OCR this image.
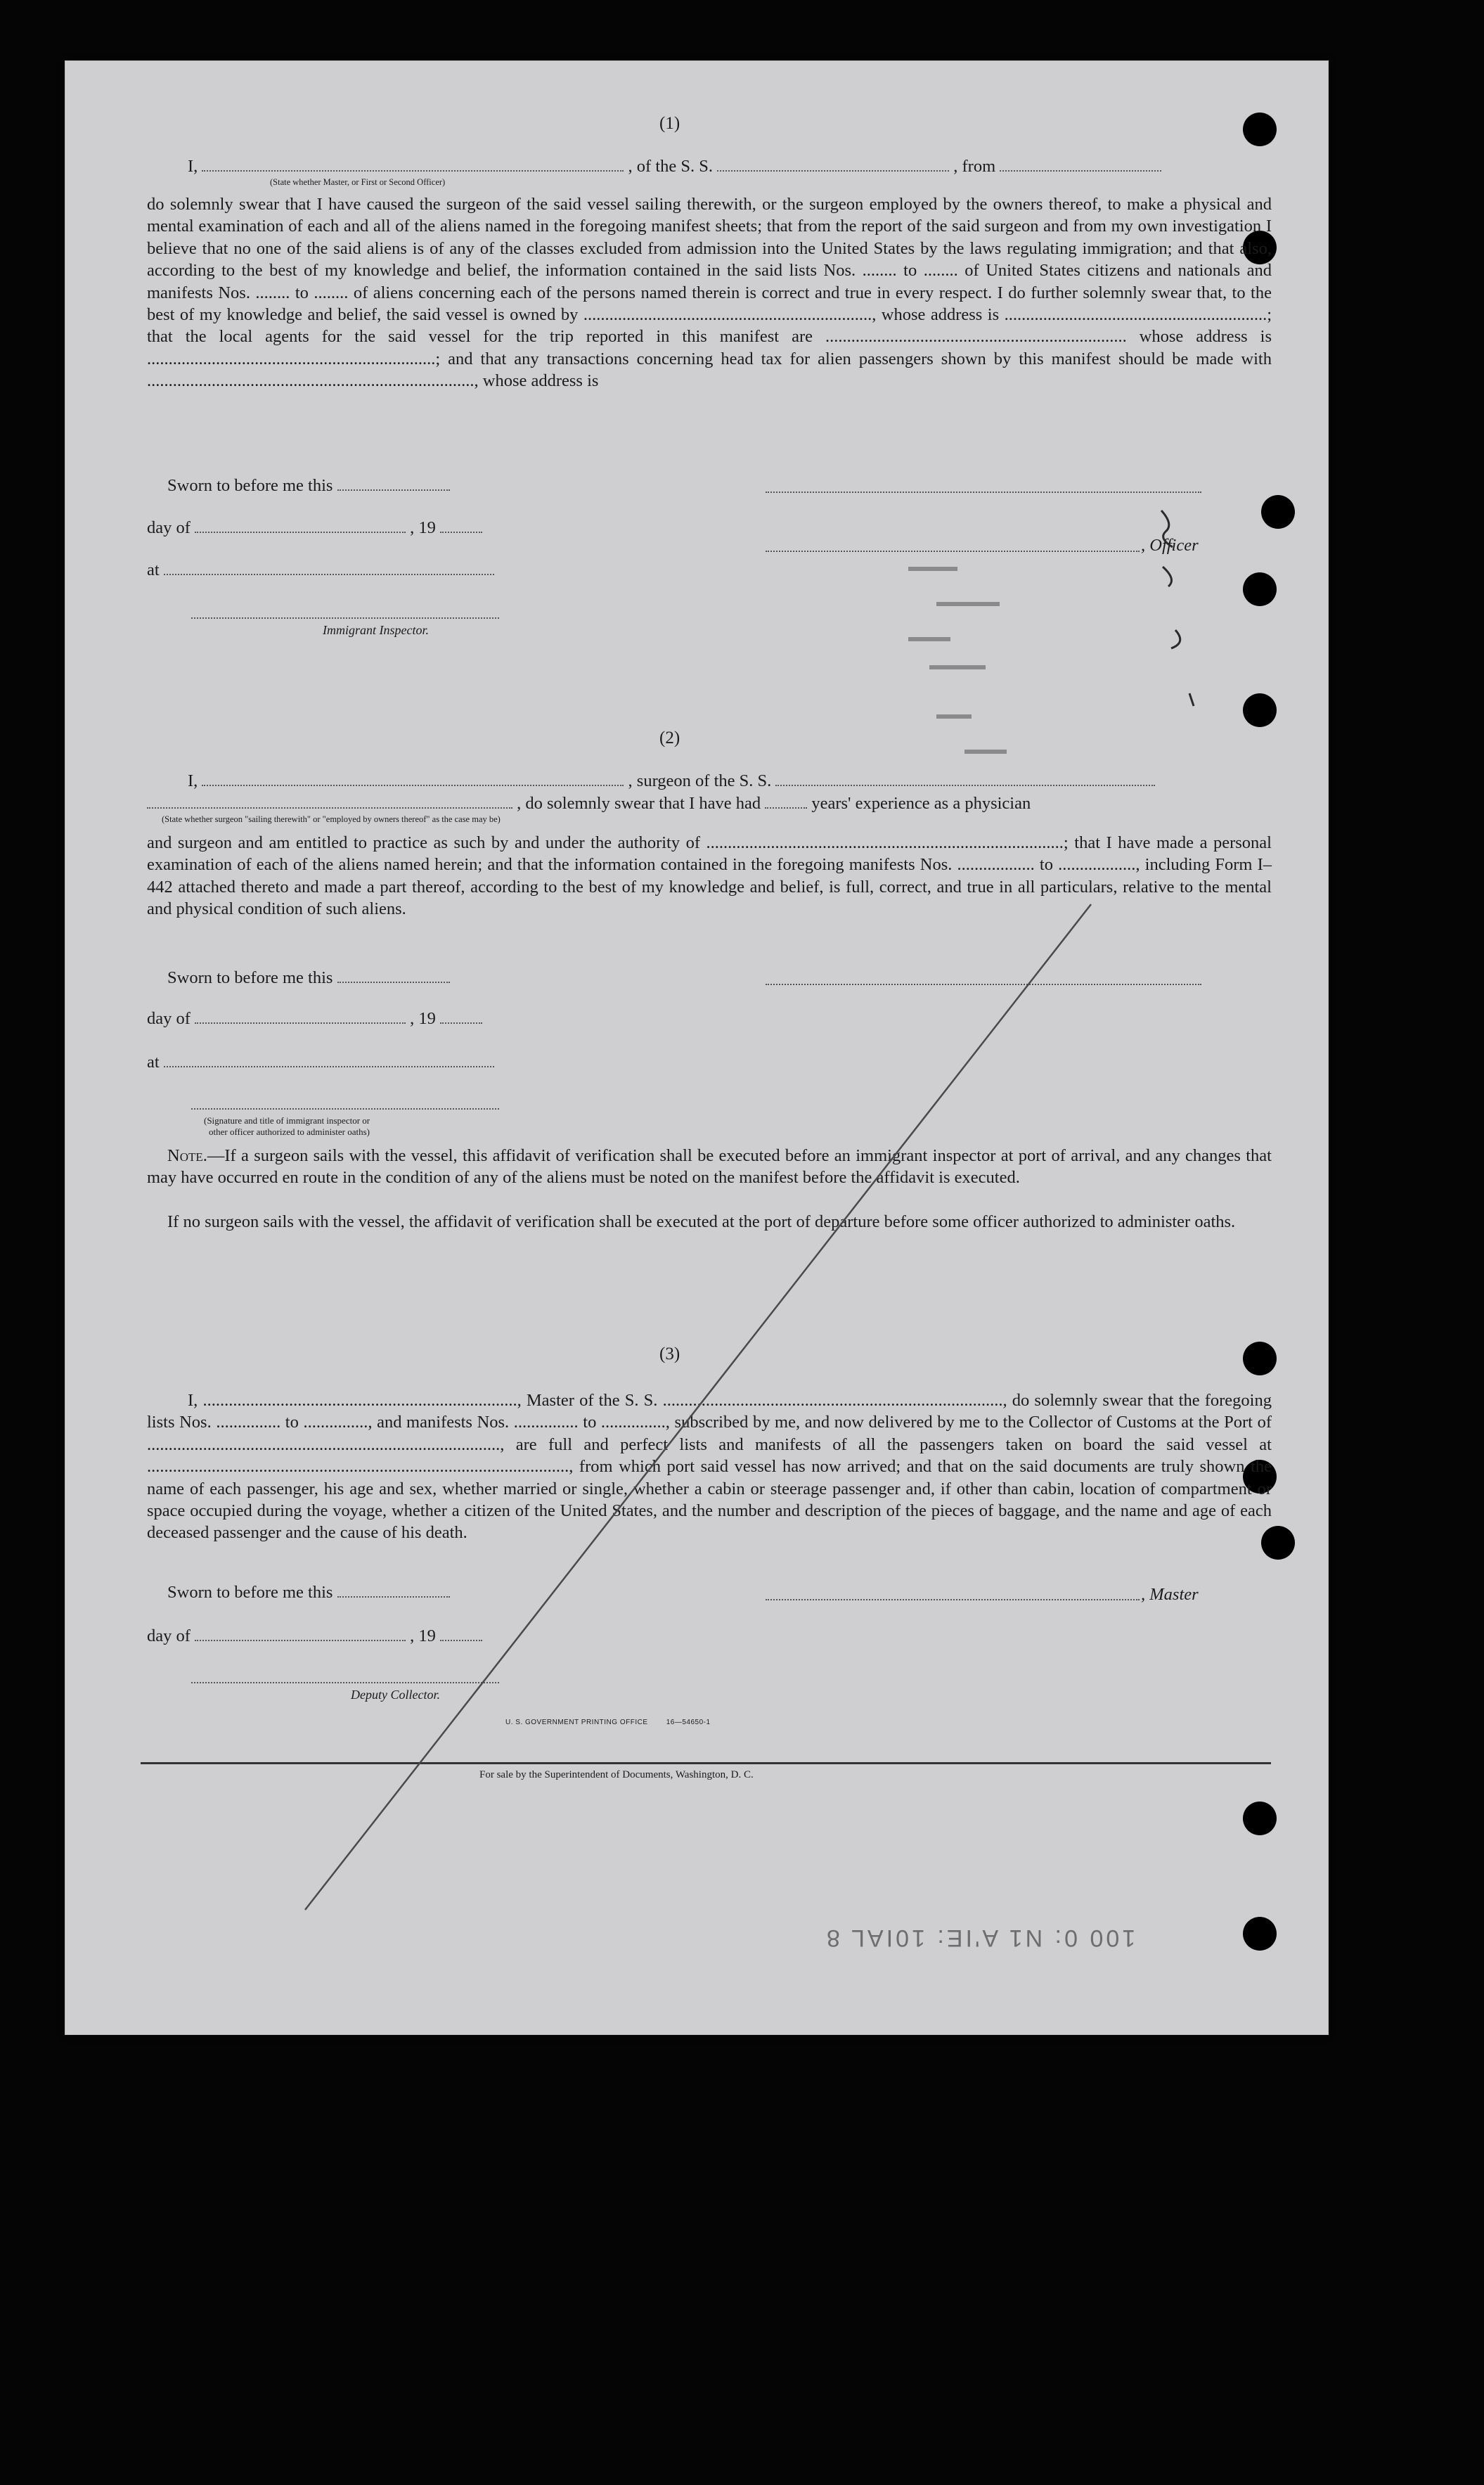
(1)
I,	, of the S. S.	, from
(State whether Master, or First or Second Officer)
do solemnly swear that I have caused the surgeon of the said vessel sailing therewith, or the surgeon employed by the owners thereof, to make a physical and mental examination of each and all of the aliens named in the foregoing manifest sheets; that from the report of the said surgeon and from my own investigation I believe that no one of the said aliens is of any of the classes excluded from admission into the United States by the laws regulating immigration; and that also, according to the best of my knowledge and belief, the information contained in the said lists Nos. ........ to ........ of United States citizens and nationals and manifests Nos. ........ to ........ of aliens concerning each of the persons named therein is correct and true in every respect. I do further solemnly swear that, to the best of my knowledge and belief, the said vessel is owned by ..................................................................., whose address is .............................................................; that the local agents for the said vessel for the trip reported in this manifest are ...................................................................... whose address is ...................................................................; and that any transactions concerning head tax for alien passengers shown by this manifest should be made with ............................................................................, whose address is
Sworn to before me this
day of	, 19
at
Immigrant Inspector.
, Officer
(2)
I,	, surgeon of the S. S.
, do solemnly swear that I have had	years' experience as a physician
(State whether surgeon "sailing therewith" or "employed by owners thereof" as the case may be)
and surgeon and am entitled to practice as such by and under the authority of ...................................................................................; that I have made a personal examination of each of the aliens named herein; and that the information contained in the foregoing manifests Nos. .................. to .................., including Form I–442 attached thereto and made a part thereof, according to the best of my knowledge and belief, is full, correct, and true in all particulars, relative to the mental and physical condition of such aliens.
Sworn to before me this
day of	, 19
at
(Signature and title of immigrant inspector or
other officer authorized to administer oaths)
Note.—If a surgeon sails with the vessel, this affidavit of verification shall be executed before an immigrant inspector at port of arrival, and any changes that may have occurred en route in the condition of any of the aliens must be noted on the manifest before the affidavit is executed.
If no surgeon sails with the vessel, the affidavit of verification shall be executed at the port of departure before some officer authorized to administer oaths.
(3)
I, ........................................................................., Master of the S. S. ..............................................................................., do solemnly swear that the foregoing lists Nos. ............... to ..............., and manifests Nos. ............... to ..............., subscribed by me, and now delivered by me to the Collector of Customs at the Port of .................................................................................., are full and perfect lists and manifests of all the passengers taken on board the said vessel at .................................................................................................., from which port said vessel has now arrived; and that on the said documents are truly shown the name of each passenger, his age and sex, whether married or single, whether a cabin or steerage passenger and, if other than cabin, location of compartment or space occupied during the voyage, whether a citizen of the United States, and the number and description of the pieces of baggage, and the name and age of each deceased passenger and the cause of his death.
Sworn to before me this	, Master
day of	, 19
Deputy Collector.
U. S. GOVERNMENT PRINTING OFFICE        16—54650-1
For sale by the Superintendent of Documents, Washington, D. C.
100 0: N1 A'IE: 10IAL 8
